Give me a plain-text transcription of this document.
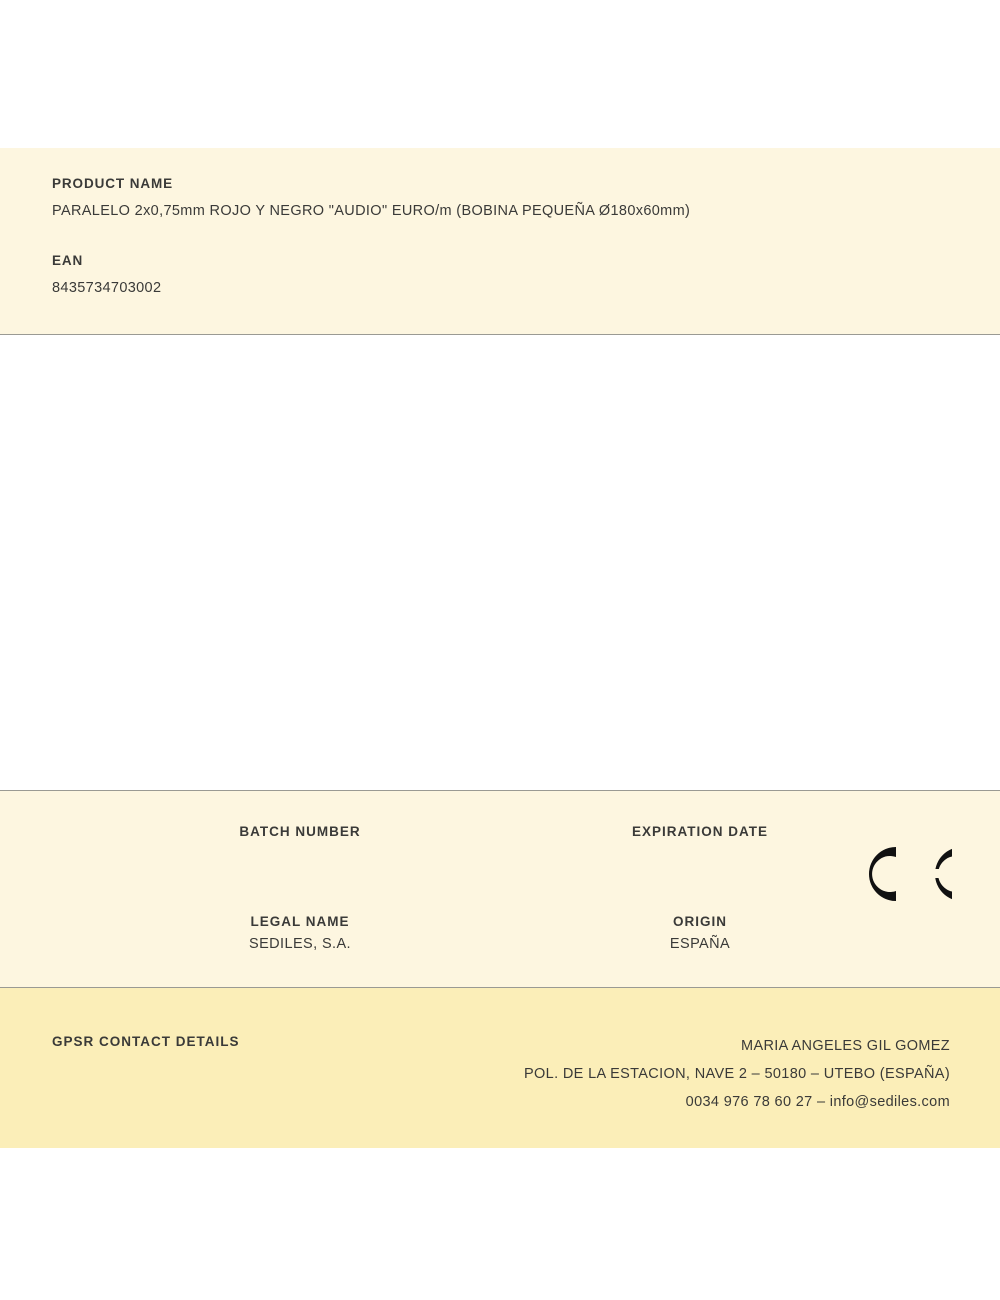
PRODUCT NAME
PARALELO 2x0,75mm ROJO Y NEGRO "AUDIO" EURO/m (BOBINA PEQUEÑA Ø180x60mm)
EAN
8435734703002
BATCH NUMBER	EXPIRATION DATE
LEGAL NAME
SEDILES, S.A.
ORIGIN
ESPAÑA
GPSR CONTACT DETAILS	MARIA ANGELES GIL GOMEZ
POL. DE LA ESTACION, NAVE 2 – 50180 – UTEBO (ESPAÑA)
0034 976 78 60 27 – info@sediles.com
